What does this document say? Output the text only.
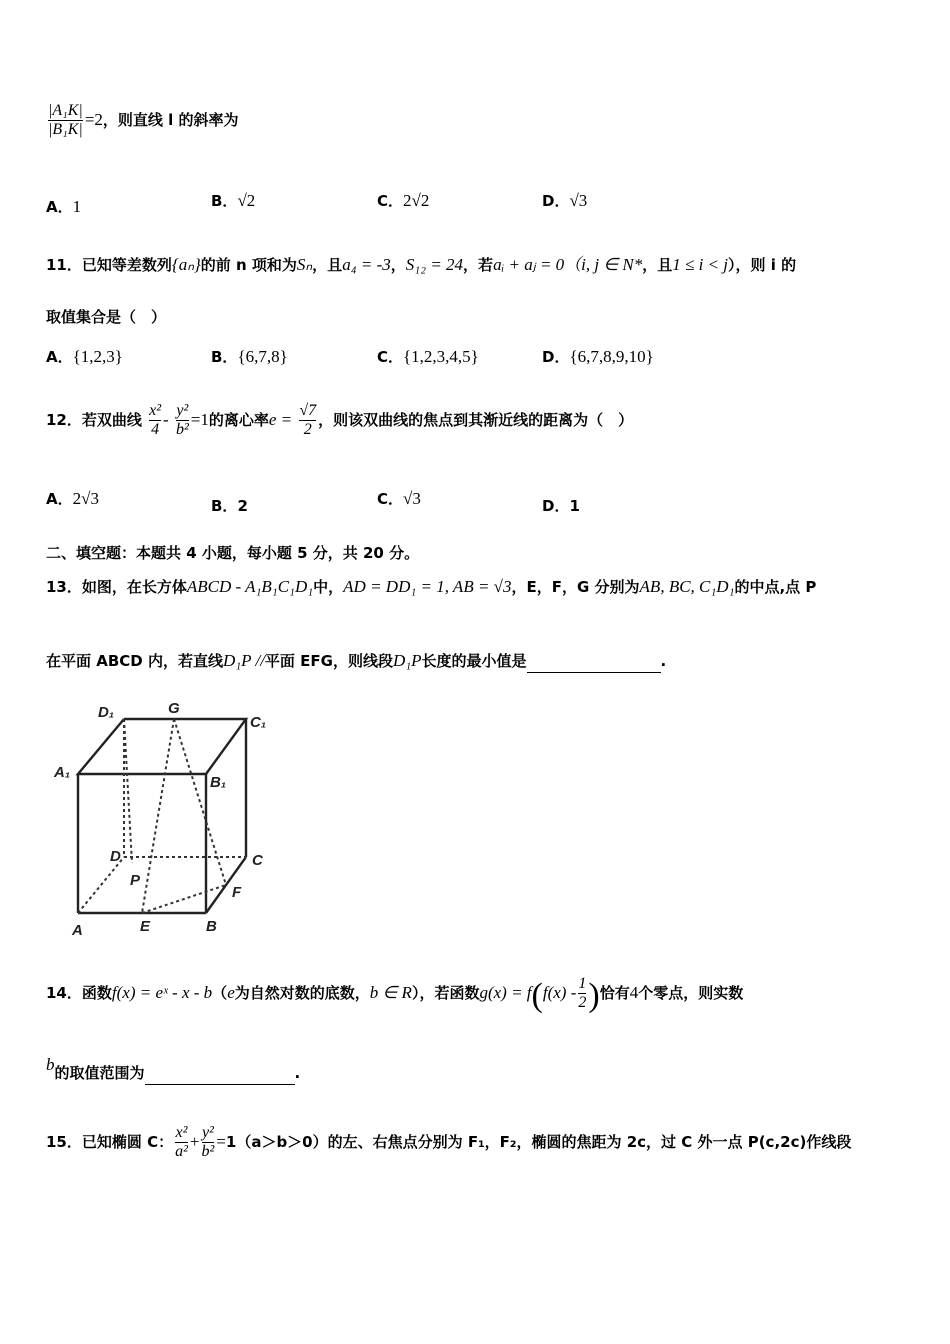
$\frac{\text{|A₁K|}}{\text{|B₁K|}} =2$，则直线 l 的斜率为
A．1	B．√2	C．2√2	D．√3
11．已知等差数列{aₙ}的前 n 项和为Sₙ，且a₄ = -3，S₁₂ = 24，若aᵢ + aⱼ = 0（i, j ∈ N*，且1 ≤ i < j），则 i 的
取值集合是（　）
A．{1,2,3}	B．{6,7,8}	C．{1,2,3,4,5}	D．{6,7,8,9,10}
12．若双曲线 $\frac{\text{x²}}{4} - \frac{\text{y²}}{\text{b²}} =1$的离心率$e = \frac{√7}{2}$ ，则该双曲线的焦点到其渐近线的距离为（　）
A．2√3	B．2	C．√3	D．1
二、填空题：本题共 4 小题，每小题 5 分，共 20 分。
13．如图，在长方体ABCD - A₁B₁C₁D₁中，AD = DD₁ = 1, AB = √3，E，F，G 分别为AB, BC, C₁D₁的中点,点 P
在平面 ABCD 内，若直线D₁P //平面 EFG，则线段D₁P长度的最小值是	.
D₁	G
C₁
A₁
B₁
D	C
P
F
A	E	B
14．函数f(x) = eˣ - x - b（e为自然对数的底数，b ∈ R），若函数$g(x) = f(f(x) - \frac{1}{2}$ )恰有4个零点，则实数
b的取值范围为	.
15．已知椭圆 C： $\frac{\text{x²}}{\text{a²}} + \frac{\text{y²}}{\text{b²}} =1(a>b>0)$的左、右焦点分别为 F₁，F₂，椭圆的焦距为 2c，过 C 外一点 P(c,2c)作线段
